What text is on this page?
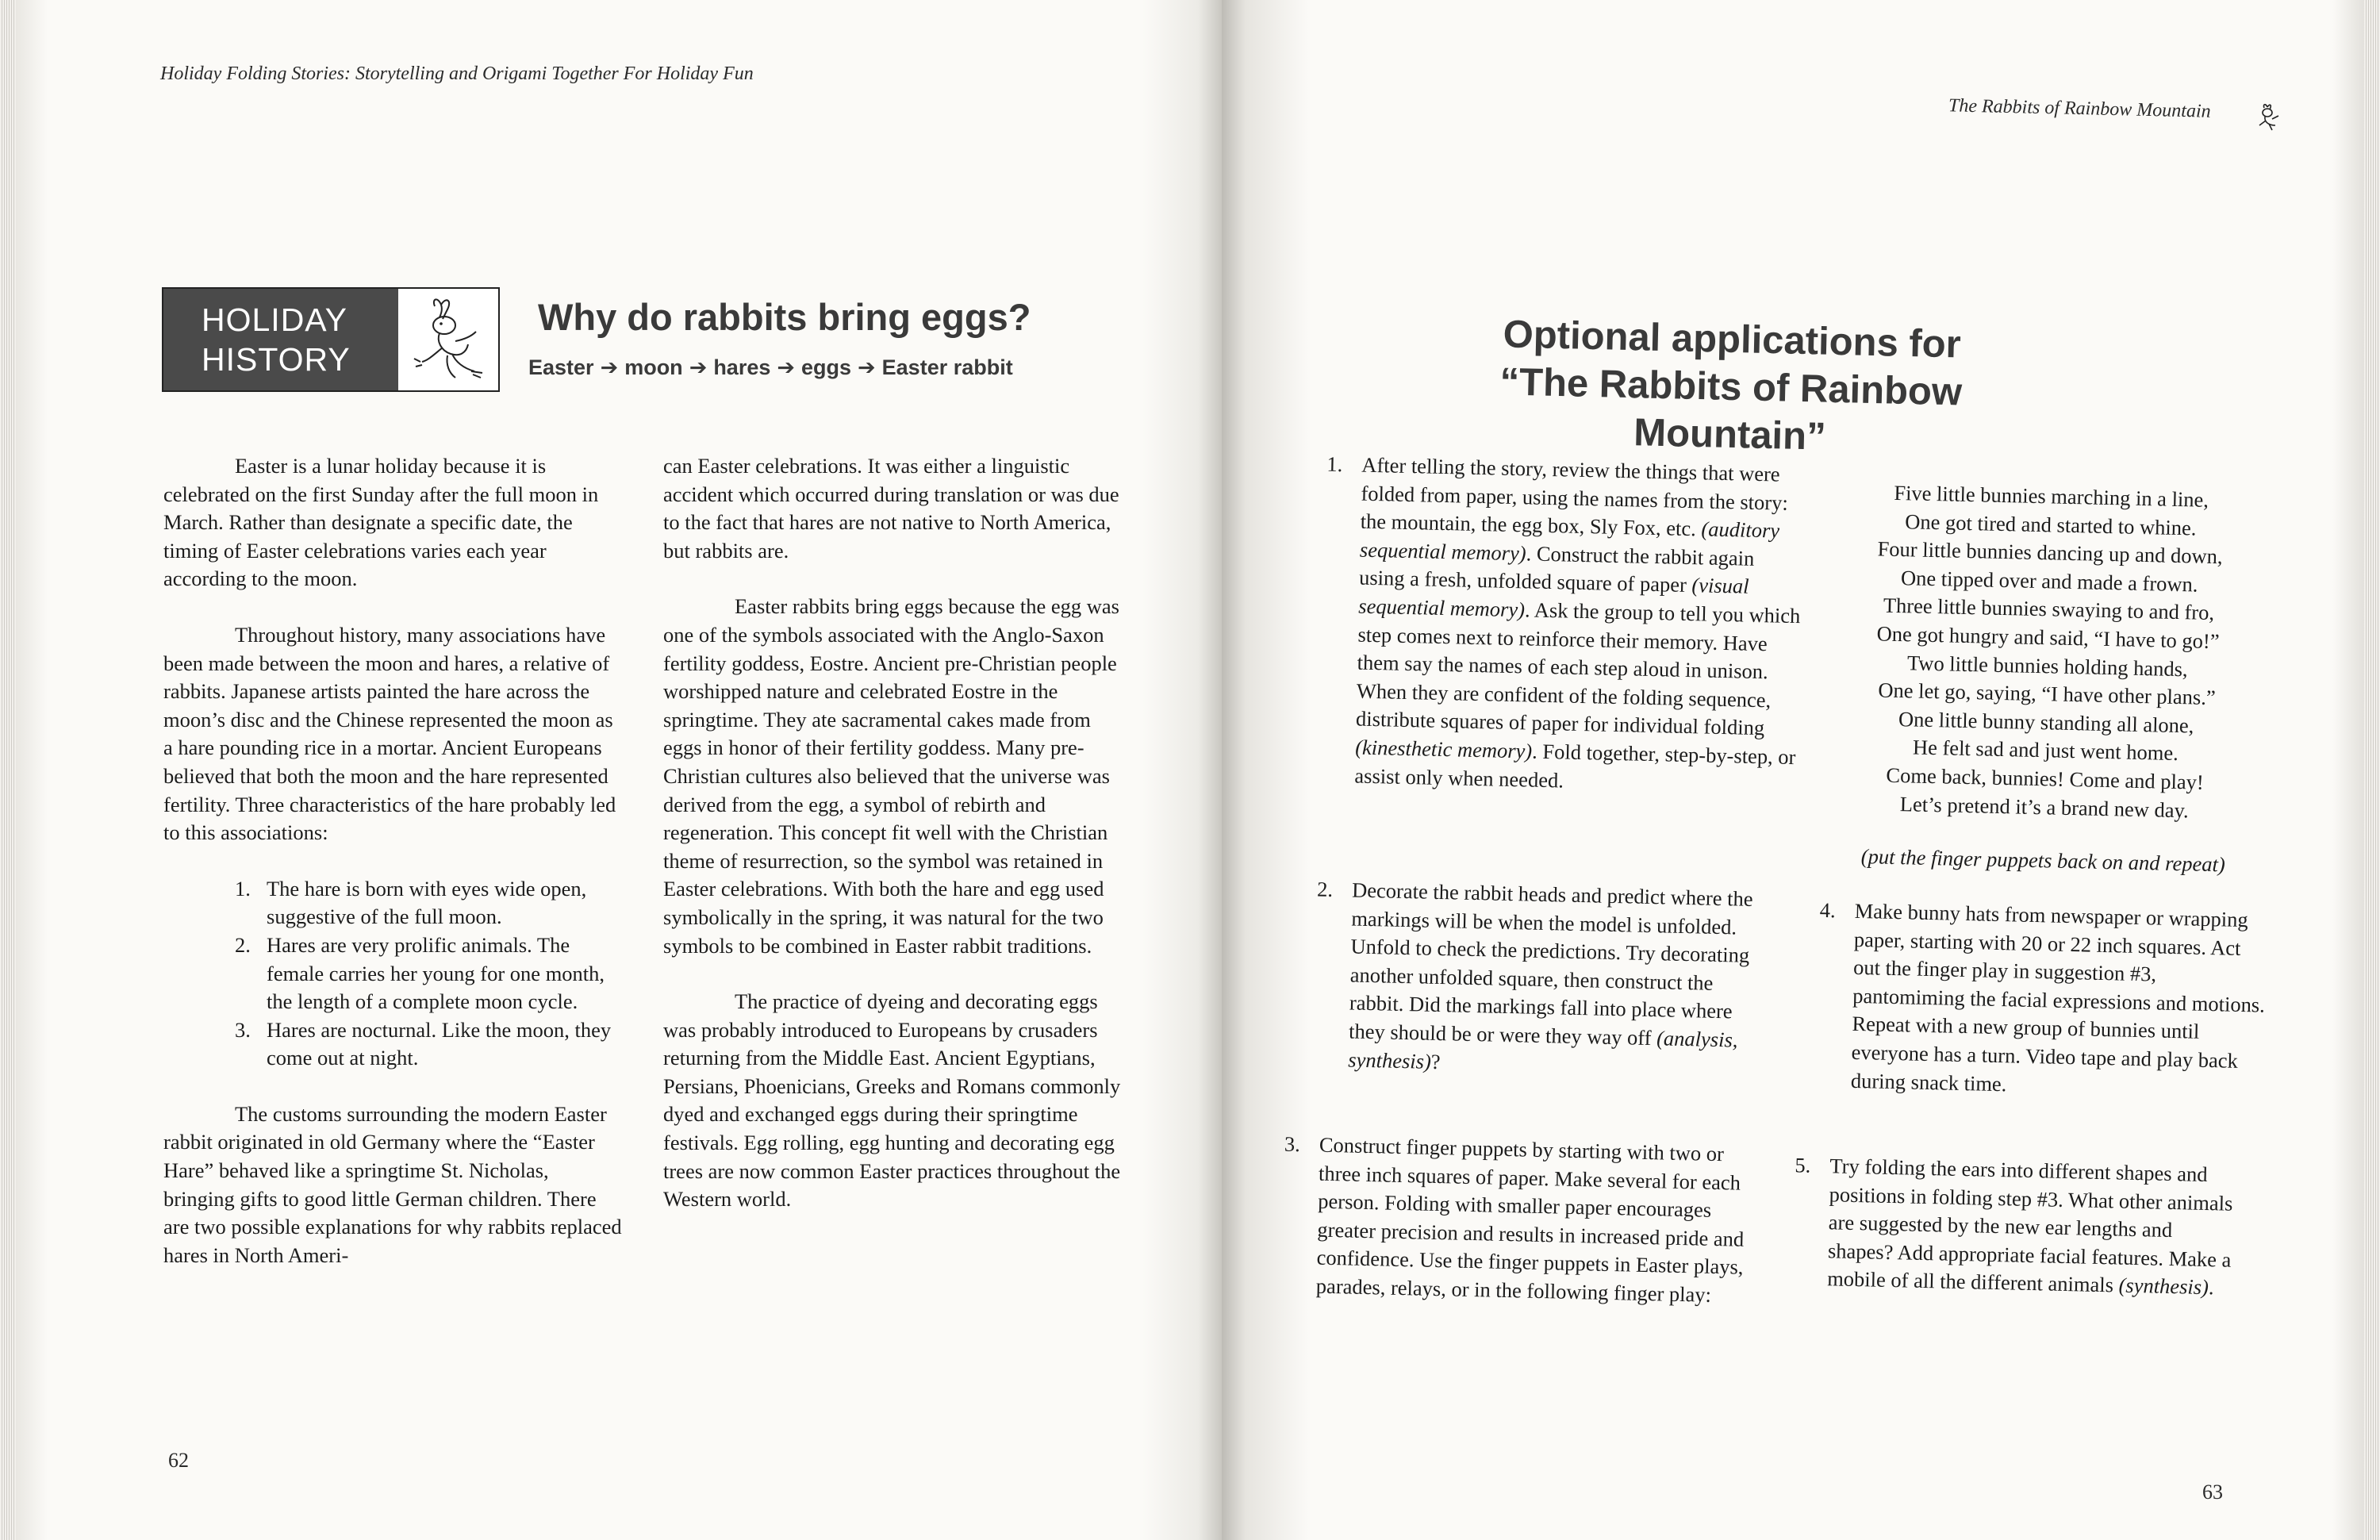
Holiday Folding Stories: Storytelling and Origami Together For Holiday Fun
HOLIDAY
HISTORY
Why do rabbits bring eggs?
Easter ➔ moon ➔ hares ➔ eggs ➔ Easter rabbit

Easter is a lunar holiday because it is celebrated on the first Sunday after the full moon in March. Rather than designate a specific date, the timing of Easter celebrations varies each year according to the moon.

Throughout history, many associations have been made between the moon and hares, a relative of rabbits. Japanese artists painted the hare across the moon’s disc and the Chinese represented the moon as a hare pounding rice in a mortar. Ancient Europeans believed that both the moon and the hare represented fertility. Three characteristics of the hare probably led to this associations:

1. The hare is born with eyes wide open, suggestive of the full moon.
2. Hares are very prolific animals. The female carries her young for one month, the length of a complete moon cycle.
3. Hares are nocturnal. Like the moon, they come out at night.

The customs surrounding the modern Easter rabbit originated in old Germany where the “Easter Hare” behaved like a springtime St. Nicholas, bringing gifts to good little German children. There are two possible explanations for why rabbits replaced hares in North Ameri-

can Easter celebrations. It was either a linguistic accident which occurred during translation or was due to the fact that hares are not native to North America, but rabbits are.

Easter rabbits bring eggs because the egg was one of the symbols associated with the Anglo-Saxon fertility goddess, Eostre. Ancient pre-Christian people worshipped nature and celebrated Eostre in the springtime. They ate sacramental cakes made from eggs in honor of their fertility goddess. Many pre-Christian cultures also believed that the universe was derived from the egg, a symbol of rebirth and regeneration. This concept fit well with the Christian theme of resurrection, so the symbol was retained in Easter celebrations. With both the hare and egg used symbolically in the spring, it was natural for the two symbols to be combined in Easter rabbit traditions.

The practice of dyeing and decorating eggs was probably introduced to Europeans by crusaders returning from the Middle East. Ancient Egyptians, Persians, Phoenicians, Greeks and Romans commonly dyed and exchanged eggs during their springtime festivals. Egg rolling, egg hunting and decorating egg trees are now common Easter practices throughout the Western world.

62
The Rabbits of Rainbow Mountain
Optional applications for
“The Rabbits of Rainbow Mountain”
1. After telling the story, review the things that were folded from paper, using the names from the story: the mountain, the egg box, Sly Fox, etc. (auditory sequential memory). Construct the rabbit again using a fresh, unfolded square of paper (visual sequential memory). Ask the group to tell you which step comes next to reinforce their memory. Have them say the names of each step aloud in unison. When they are confident of the folding sequence, distribute squares of paper for individual folding (kinesthetic memory). Fold together, step-by-step, or assist only when needed.
2. Decorate the rabbit heads and predict where the markings will be when the model is unfolded. Unfold to check the predictions. Try decorating another unfolded square, then construct the rabbit. Did the markings fall into place where they should be or were they way off (analysis, synthesis)?
3. Construct finger puppets by starting with two or three inch squares of paper. Make several for each person. Folding with smaller paper encourages greater precision and results in increased pride and confidence. Use the finger puppets in Easter plays, parades, relays, or in the following finger play:
Five little bunnies marching in a line,
One got tired and started to whine.
Four little bunnies dancing up and down,
One tipped over and made a frown.
Three little bunnies swaying to and fro,
One got hungry and said, “I have to go!”
Two little bunnies holding hands,
One let go, saying, “I have other plans.”
One little bunny standing all alone,
He felt sad and just went home.
Come back, bunnies! Come and play!
Let’s pretend it’s a brand new day.
(put the finger puppets back on and repeat)
4. Make bunny hats from newspaper or wrapping paper, starting with 20 or 22 inch squares. Act out the finger play in suggestion #3, pantomiming the facial expressions and motions. Repeat with a new group of bunnies until everyone has a turn. Video tape and play back during snack time.
5. Try folding the ears into different shapes and positions in folding step #3. What other animals are suggested by the new ear lengths and shapes? Add appropriate facial features. Make a mobile of all the different animals (synthesis).
63
